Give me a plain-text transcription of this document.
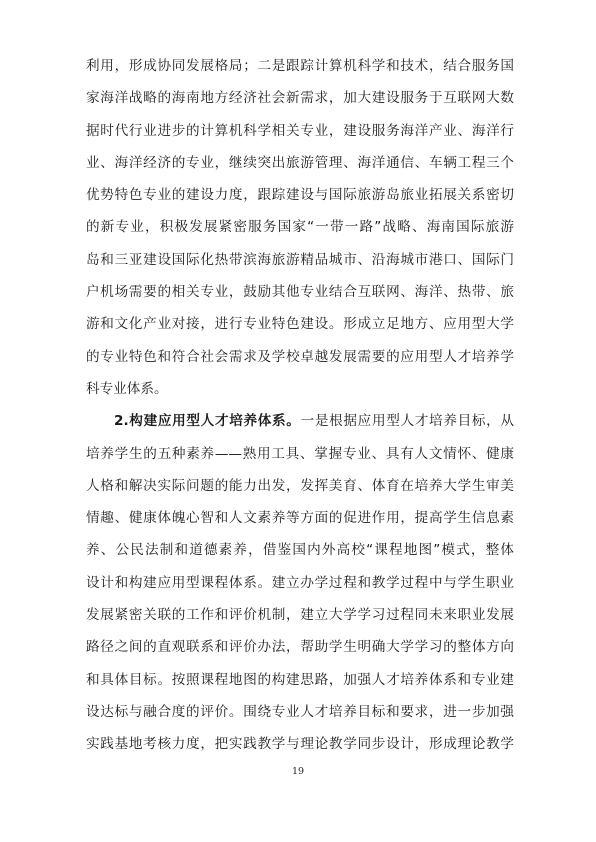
利用，形成协同发展格局；二是跟踪计算机科学和技术，结合服务国
家海洋战略的海南地方经济社会新需求，加大建设服务于互联网大数
据时代行业进步的计算机科学相关专业，建设服务海洋产业、海洋行
业、海洋经济的专业，继续突出旅游管理、海洋通信、车辆工程三个
优势特色专业的建设力度，跟踪建设与国际旅游岛旅业拓展关系密切
的新专业，积极发展紧密服务国家“一带一路”战略、海南国际旅游
岛和三亚建设国际化热带滨海旅游精品城市、沿海城市港口、国际门
户机场需要的相关专业，鼓励其他专业结合互联网、海洋、热带、旅
游和文化产业对接，进行专业特色建设。形成立足地方、应用型大学
的专业特色和符合社会需求及学校卓越发展需要的应用型人才培养学
科专业体系。
2.构建应用型人才培养体系。一是根据应用型人才培养目标，从
培养学生的五种素养——熟用工具、掌握专业、具有人文情怀、健康
人格和解决实际问题的能力出发，发挥美育、体育在培养大学生审美
情趣、健康体魄心智和人文素养等方面的促进作用，提高学生信息素
养、公民法制和道德素养，借鉴国内外高校“课程地图”模式，整体
设计和构建应用型课程体系。建立办学过程和教学过程中与学生职业
发展紧密关联的工作和评价机制，建立大学学习过程同未来职业发展
路径之间的直观联系和评价办法，帮助学生明确大学学习的整体方向
和具体目标。按照课程地图的构建思路，加强人才培养体系和专业建
设达标与融合度的评价。围绕专业人才培养目标和要求，进一步加强
实践基地考核力度，把实践教学与理论教学同步设计，形成理论教学
19
